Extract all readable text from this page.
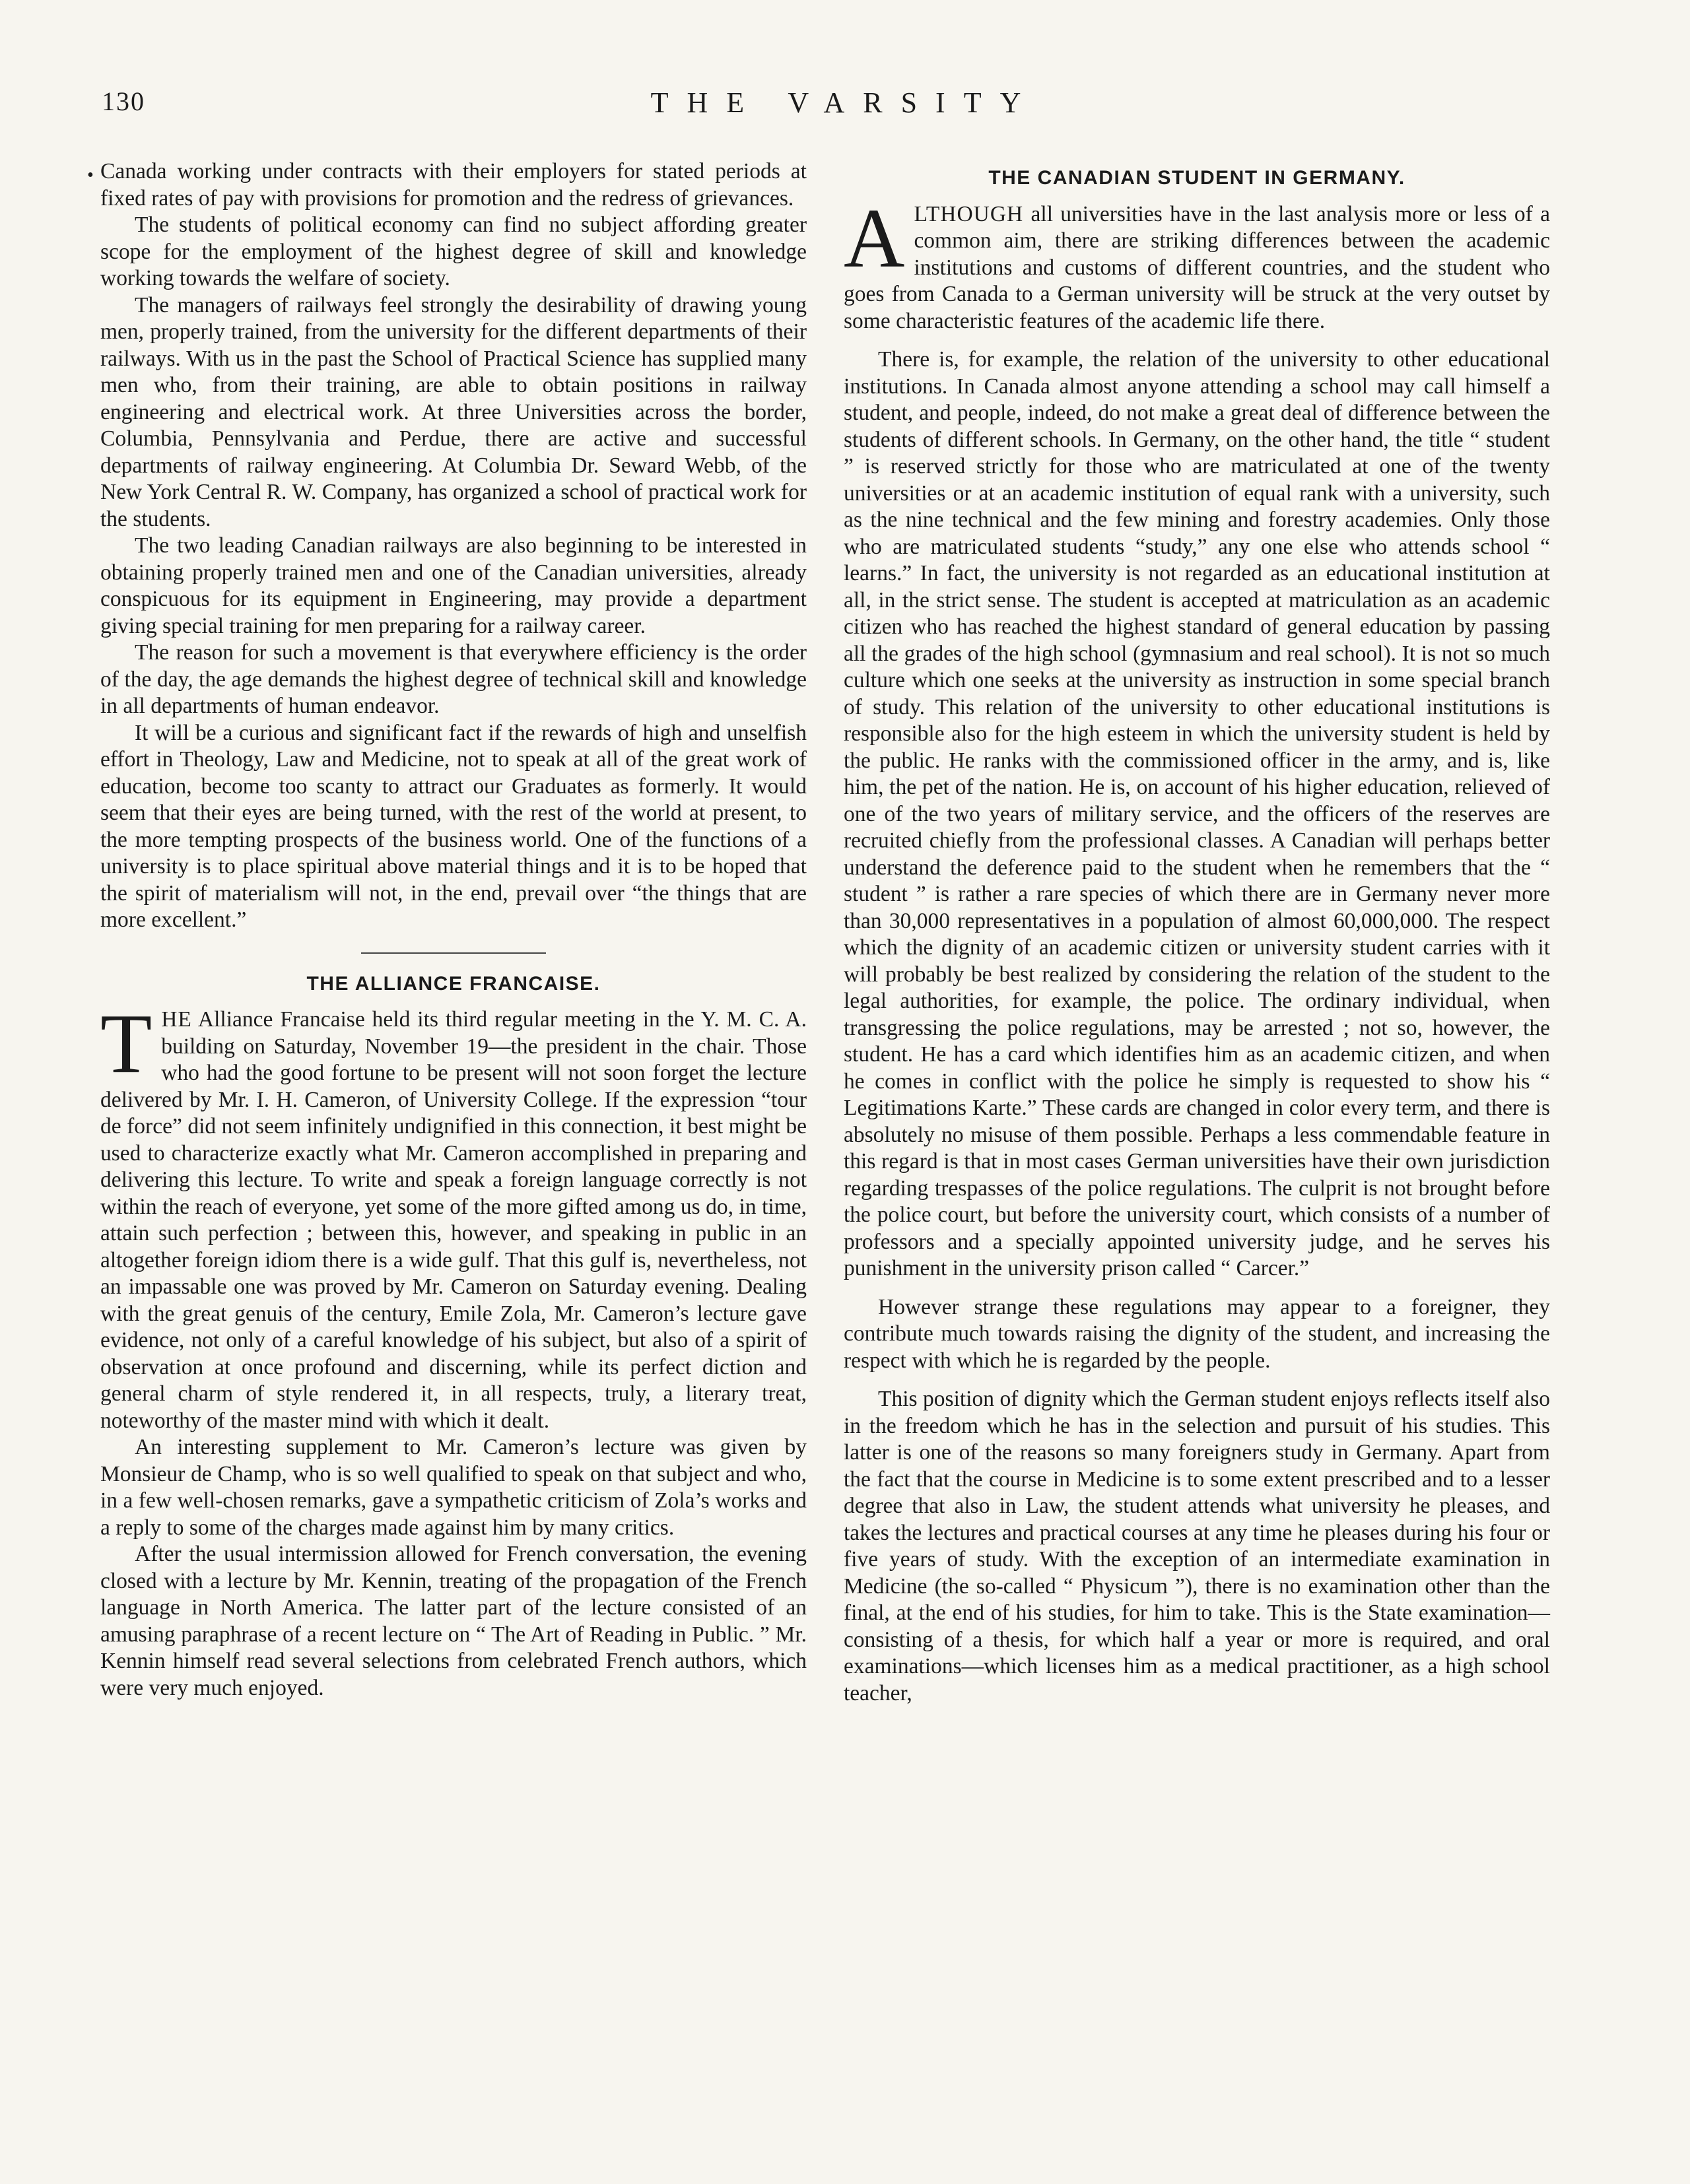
130	THE VARSITY
• Canada working under contracts with their employers for stated periods at fixed rates of pay with provisions for promotion and the redress of grievances.

The students of political economy can find no subject affording greater scope for the employment of the highest degree of skill and knowledge working towards the welfare of society.

The managers of railways feel strongly the desirability of drawing young men, properly trained, from the university for the different departments of their railways. With us in the past the School of Practical Science has supplied many men who, from their training, are able to obtain positions in railway engineering and electrical work. At three Universities across the border, Columbia, Pennsylvania and Perdue, there are active and successful departments of railway engineering. At Columbia Dr. Seward Webb, of the New York Central R. W. Company, has organized a school of practical work for the students.

The two leading Canadian railways are also beginning to be interested in obtaining properly trained men and one of the Canadian universities, already conspicuous for its equipment in Engineering, may provide a department giving special training for men preparing for a railway career.

The reason for such a movement is that everywhere efficiency is the order of the day, the age demands the highest degree of technical skill and knowledge in all departments of human endeavor.

It will be a curious and significant fact if the rewards of high and unselfish effort in Theology, Law and Medicine, not to speak at all of the great work of education, become too scanty to attract our Graduates as formerly. It would seem that their eyes are being turned, with the rest of the world at present, to the more tempting prospects of the business world. One of the functions of a university is to place spiritual above material things and it is to be hoped that the spirit of materialism will not, in the end, prevail over “the things that are more excellent.”

THE ALLIANCE FRANCAISE.

THE Alliance Francaise held its third regular meeting in the Y. M. C. A. building on Saturday, November 19—the president in the chair. Those who had the good fortune to be present will not soon forget the lecture delivered by Mr. I. H. Cameron, of University College. If the expression “tour de force” did not seem infinitely undignified in this connection, it best might be used to characterize exactly what Mr. Cameron accomplished in preparing and delivering this lecture. To write and speak a foreign language correctly is not within the reach of everyone, yet some of the more gifted among us do, in time, attain such perfection ; between this, however, and speaking in public in an altogether foreign idiom there is a wide gulf. That this gulf is, nevertheless, not an impassable one was proved by Mr. Cameron on Saturday evening. Dealing with the great genuis of the century, Emile Zola, Mr. Cameron’s lecture gave evidence, not only of a careful knowledge of his subject, but also of a spirit of observation at once profound and discerning, while its perfect diction and general charm of style rendered it, in all respects, truly, a literary treat, noteworthy of the master mind with which it dealt.

An interesting supplement to Mr. Cameron’s lecture was given by Monsieur de Champ, who is so well qualified to speak on that subject and who, in a few well-chosen remarks, gave a sympathetic criticism of Zola’s works and a reply to some of the charges made against him by many critics.

After the usual intermission allowed for French conversation, the evening closed with a lecture by Mr. Kennin, treating of the propagation of the French language in North America. The latter part of the lecture consisted of an amusing paraphrase of a recent lecture on “ The Art of Reading in Public. ” Mr. Kennin himself read several selections from celebrated French authors, which were very much enjoyed.

THE CANADIAN STUDENT IN GERMANY.

ALTHOUGH all universities have in the last analysis more or less of a common aim, there are striking differences between the academic institutions and customs of different countries, and the student who goes from Canada to a German university will be struck at the very outset by some characteristic features of the academic life there.

There is, for example, the relation of the university to other educational institutions. In Canada almost anyone attending a school may call himself a student, and people, indeed, do not make a great deal of difference between the students of different schools. In Germany, on the other hand, the title “ student ” is reserved strictly for those who are matriculated at one of the twenty universities or at an academic institution of equal rank with a university, such as the nine technical and the few mining and forestry academies. Only those who are matriculated students “study,” any one else who attends school “ learns.” In fact, the university is not regarded as an educational institution at all, in the strict sense. The student is accepted at matriculation as an academic citizen who has reached the highest standard of general education by passing all the grades of the high school (gymnasium and real school). It is not so much culture which one seeks at the university as instruction in some special branch of study. This relation of the university to other educational institutions is responsible also for the high esteem in which the university student is held by the public. He ranks with the commissioned officer in the army, and is, like him, the pet of the nation. He is, on account of his higher education, relieved of one of the two years of military service, and the officers of the reserves are recruited chiefly from the professional classes. A Canadian will perhaps better understand the deference paid to the student when he remembers that the “ student ” is rather a rare species of which there are in Germany never more than 30,000 representatives in a population of almost 60,000,000. The respect which the dignity of an academic citizen or university student carries with it will probably be best realized by considering the relation of the student to the legal authorities, for example, the police. The ordinary individual, when transgressing the police regulations, may be arrested ; not so, however, the student. He has a card which identifies him as an academic citizen, and when he comes in conflict with the police he simply is requested to show his “ Legitimations Karte.” These cards are changed in color every term, and there is absolutely no misuse of them possible. Perhaps a less commendable feature in this regard is that in most cases German universities have their own jurisdiction regarding trespasses of the police regulations. The culprit is not brought before the police court, but before the university court, which consists of a number of professors and a specially appointed university judge, and he serves his punishment in the university prison called “ Carcer.”

However strange these regulations may appear to a foreigner, they contribute much towards raising the dignity of the student, and increasing the respect with which he is regarded by the people.

This position of dignity which the German student enjoys reflects itself also in the freedom which he has in the selection and pursuit of his studies. This latter is one of the reasons so many foreigners study in Germany. Apart from the fact that the course in Medicine is to some extent prescribed and to a lesser degree that also in Law, the student attends what university he pleases, and takes the lectures and practical courses at any time he pleases during his four or five years of study. With the exception of an intermediate examination in Medicine (the so-called “ Physicum ”), there is no examination other than the final, at the end of his studies, for him to take. This is the State examination—consisting of a thesis, for which half a year or more is required, and oral examinations—which licenses him as a medical practitioner, as a high school teacher,
